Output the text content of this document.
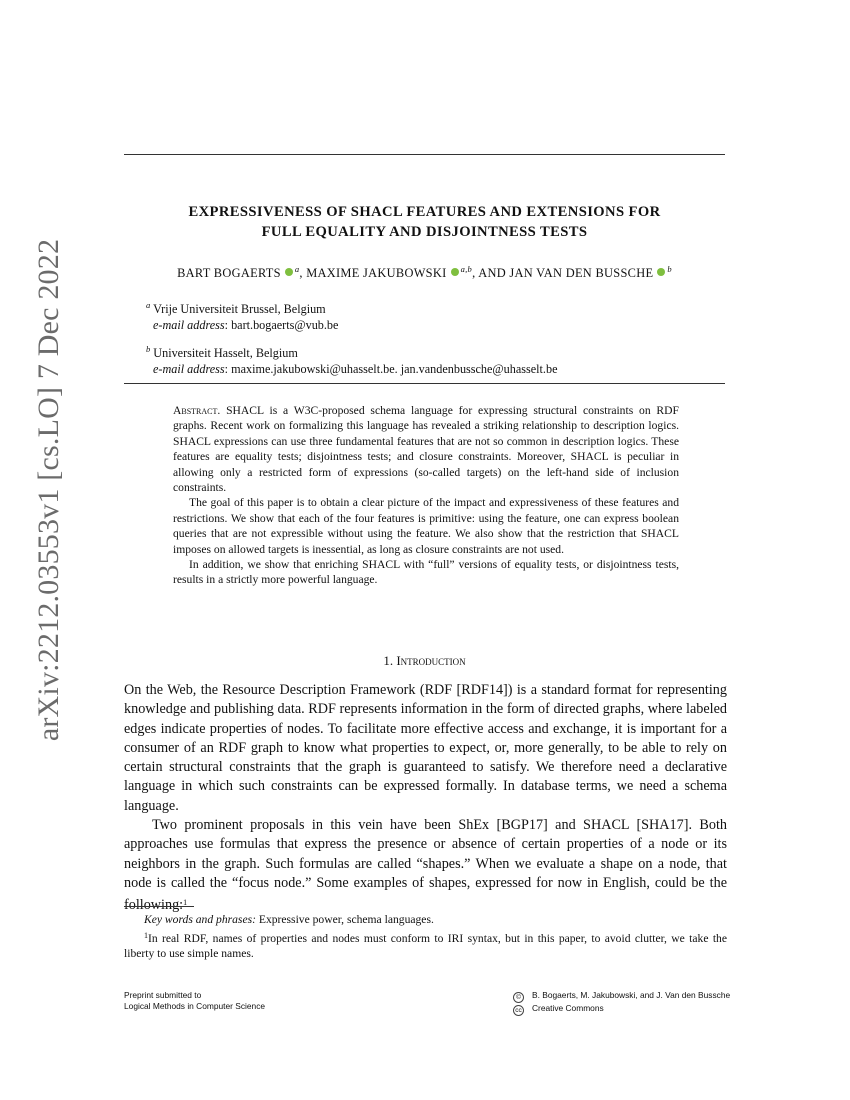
arXiv:2212.03553v1 [cs.LO] 7 Dec 2022
EXPRESSIVENESS OF SHACL FEATURES AND EXTENSIONS FOR
FULL EQUALITY AND DISJOINTNESS TESTS
BART BOGAERTS $^a$, MAXIME JAKUBOWSKI $^{a,b}$, AND JAN VAN DEN BUSSCHE $^b$
$^a$ Vrije Universiteit Brussel, Belgium
e-mail address: bart.bogaerts@vub.be
$^b$ Universiteit Hasselt, Belgium
e-mail address: maxime.jakubowski@uhasselt.be. jan.vandenbussche@uhasselt.be

Abstract. SHACL is a W3C-proposed schema language for expressing structural constraints on RDF graphs. Recent work on formalizing this language has revealed a striking relationship to description logics. SHACL expressions can use three fundamental features that are not so common in description logics. These features are equality tests; disjointness tests; and closure constraints. Moreover, SHACL is peculiar in allowing only a restricted form of expressions (so-called targets) on the left-hand side of inclusion constraints.

The goal of this paper is to obtain a clear picture of the impact and expressiveness of these features and restrictions. We show that each of the four features is primitive: using the feature, one can express boolean queries that are not expressible without using the feature. We also show that the restriction that SHACL imposes on allowed targets is inessential, as long as closure constraints are not used.

In addition, we show that enriching SHACL with “full” versions of equality tests, or disjointness tests, results in a strictly more powerful language.

1. Introduction

On the Web, the Resource Description Framework (RDF [RDF14]) is a standard format for representing knowledge and publishing data. RDF represents information in the form of directed graphs, where labeled edges indicate properties of nodes. To facilitate more effective access and exchange, it is important for a consumer of an RDF graph to know what properties to expect, or, more generally, to be able to rely on certain structural constraints that the graph is guaranteed to satisfy. We therefore need a declarative language in which such constraints can be expressed formally. In database terms, we need a schema language.

Two prominent proposals in this vein have been ShEx [BGP17] and SHACL [SHA17]. Both approaches use formulas that express the presence or absence of certain properties of a node or its neighbors in the graph. Such formulas are called “shapes.” When we evaluate a shape on a node, that node is called the “focus node.” Some examples of shapes, expressed for now in English, could be the following:$^1$

Key words and phrases: Expressive power, schema languages.

$^1$In real RDF, names of properties and nodes must conform to IRI syntax, but in this paper, to avoid clutter, we take the liberty to use simple names.

Preprint submitted to
Logical Methods in Computer Science
© B. Bogaerts, M. Jakubowski, and J. Van den Bussche
cc Creative Commons
